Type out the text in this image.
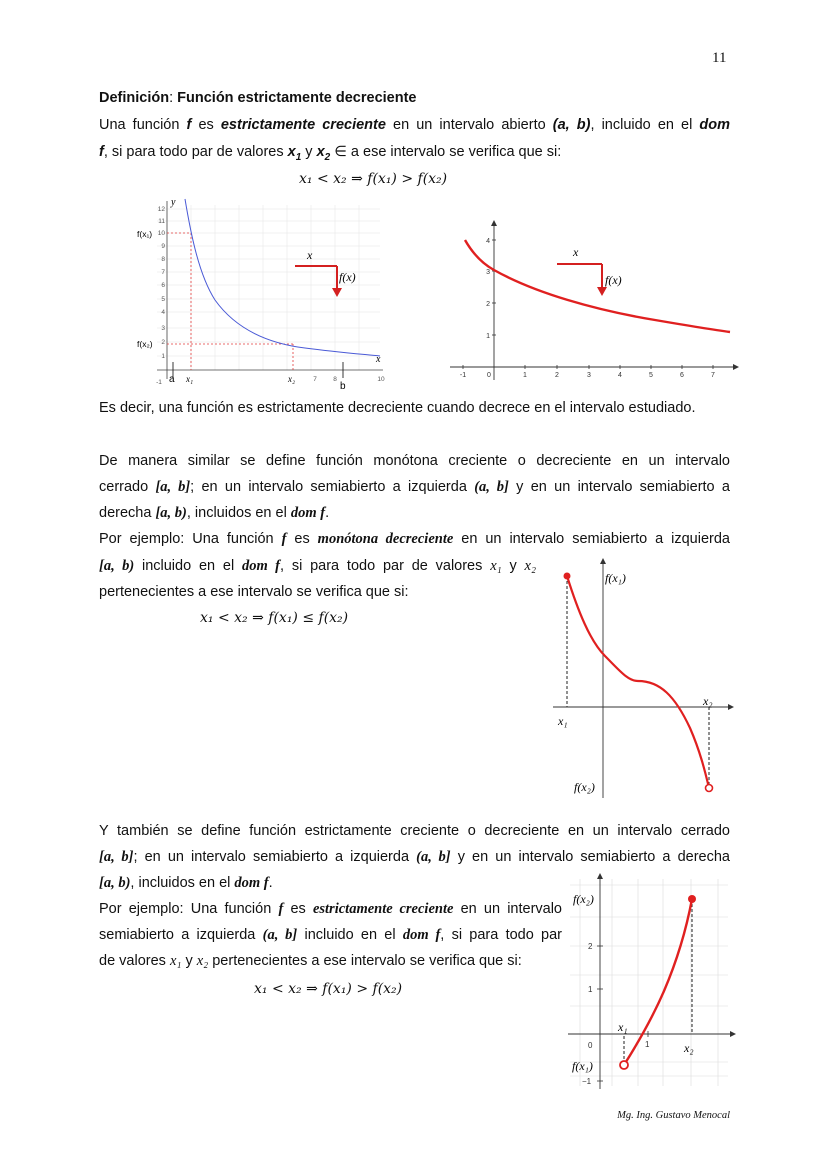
11
Definición: Función estrictamente decreciente
Una función f es estrictamente creciente en un intervalo abierto (a, b), incluido en el dom
f, si para todo par de valores $x_1$ y $x_2$ ∈ a ese intervalo se verifica que si:
x₁ < x₂ ⇒ f(x₁) > f(x₂)
12
11
10
9
8
7
6
5
4
3
2
1
-1	7	8	10
y
x
a
b
x₁	x₂
f(x₁)
f(x₂)
x
f(x)
-1	0	1	2	3	4	5	6	7
1
2
3
4
x
f(x)
Es decir, una función es estrictamente decreciente cuando decrece en el intervalo estudiado.
De manera similar se define función monótona creciente o decreciente en un intervalo
cerrado [a, b]; en un intervalo semiabierto a izquierda (a, b] y en un intervalo semiabierto a
derecha [a, b), incluidos en el dom f.
Por ejemplo: Una función f es monótona decreciente en un intervalo semiabierto a izquierda
[a, b) incluido en el dom f, si para todo par de valores x₁ y x₂
pertenecientes a ese intervalo se verifica que si:
x₁ < x₂ ⇒ f(x₁) ≤ f(x₂)
f(x₁)
x₂
x₁
f(x₂)
Y también se define función estrictamente creciente o decreciente en un intervalo cerrado
[a, b]; en un intervalo semiabierto a izquierda (a, b] y en un intervalo semiabierto a derecha
[a, b), incluidos en el dom f.
Por ejemplo: Una función f es estrictamente creciente en un intervalo
semiabierto a izquierda (a, b] incluido en el dom f, si para todo par
de valores x₁ y x₂ pertenecientes a ese intervalo se verifica que si:
x₁ < x₂ ⇒ f(x₁) > f(x₂)
2
1
0
−1
1
f(x₂)
x₁
x₂
f(x₁)
Mg. Ing. Gustavo Menocal
